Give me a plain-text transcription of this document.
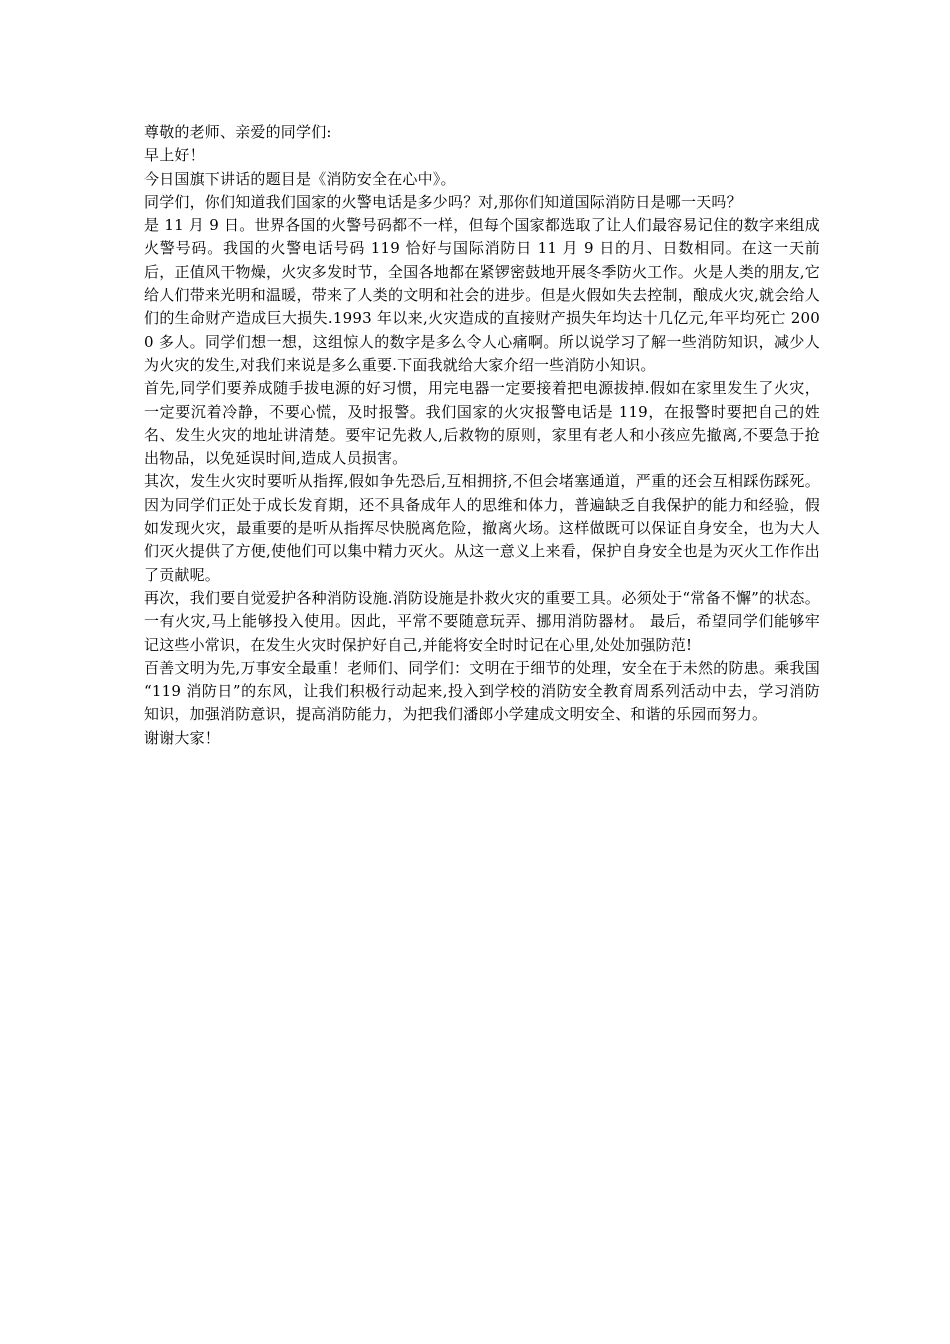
尊敬的老师、亲爱的同学们:

早上好！

今日国旗下讲话的题目是《消防安全在心中》。

同学们，你们知道我们国家的火警电话是多少吗？对,那你们知道国际消防日是哪一天吗？

是 11 月 9 日。世界各国的火警号码都不一样，但每个国家都选取了让人们最容易记住的数字来组成火警号码。我国的火警电话号码 119 恰好与国际消防日 11 月 9 日的月、日数相同。在这一天前后，正值风干物燥，火灾多发时节，全国各地都在紧锣密鼓地开展冬季防火工作。火是人类的朋友,它给人们带来光明和温暖，带来了人类的文明和社会的进步。但是火假如失去控制，酿成火灾,就会给人们的生命财产造成巨大损失.1993 年以来,火灾造成的直接财产损失年均达十几亿元,年平均死亡 2000 多人。同学们想一想，这组惊人的数字是多么令人心痛啊。所以说学习了解一些消防知识，减少人为火灾的发生,对我们来说是多么重要.下面我就给大家介绍一些消防小知识。

首先,同学们要养成随手拔电源的好习惯，用完电器一定要接着把电源拔掉.假如在家里发生了火灾，一定要沉着冷静，不要心慌，及时报警。我们国家的火灾报警电话是 119，在报警时要把自己的姓名、发生火灾的地址讲清楚。要牢记先救人,后救物的原则，家里有老人和小孩应先撤离,不要急于抢出物品，以免延误时间,造成人员损害。

其次，发生火灾时要听从指挥,假如争先恐后,互相拥挤,不但会堵塞通道，严重的还会互相踩伤踩死。因为同学们正处于成长发育期，还不具备成年人的思维和体力，普遍缺乏自我保护的能力和经验，假如发现火灾，最重要的是听从指挥尽快脱离危险，撤离火场。这样做既可以保证自身安全，也为大人们灭火提供了方便,使他们可以集中精力灭火。从这一意义上来看，保护自身安全也是为灭火工作作出了贡献呢。

再次，我们要自觉爱护各种消防设施.消防设施是扑救火灾的重要工具。必须处于“常备不懈”的状态。一有火灾,马上能够投入使用。因此，平常不要随意玩弄、挪用消防器材。 最后，希望同学们能够牢记这些小常识，在发生火灾时保护好自己,并能将安全时时记在心里,处处加强防范!

百善文明为先,万事安全最重！老师们、同学们：文明在于细节的处理，安全在于未然的防患。乘我国 “119 消防日”的东风，让我们积极行动起来,投入到学校的消防安全教育周系列活动中去，学习消防知识，加强消防意识，提高消防能力，为把我们潘郎小学建成文明安全、和谐的乐园而努力。

谢谢大家！
